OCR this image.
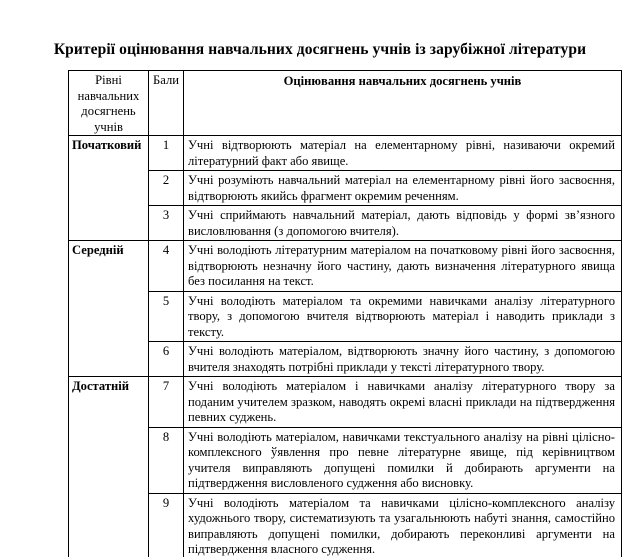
Критерії оцінювання навчальних досягнень учнів із зарубіжної літератури
Рівні навчальних досягнень учнів	Бали	Оцінювання навчальних досягнень учнів
Початковий	1	Учні відтворюють матеріал на елементарному рівні, називаючи окремий літературний факт або явище.
	2	Учні розуміють навчальний матеріал на елементарному рівні його засвоєння, відтворюють якийсь фрагмент окремим реченням.
	3	Учні сприймають навчальний матеріал, дають відповідь у формі зв’язного висловлювання (з допомогою вчителя).
Середній	4	Учні володіють літературним матеріалом на початковому рівні його засвоєння, відтворюють незначну його частину, дають визначення літературного явища без посилання на текст.
	5	Учні володіють матеріалом та окремими навичками аналізу літературного твору, з допомогою вчителя відтворюють матеріал і наводить приклади з тексту.
	6	Учні володіють матеріалом, відтворюють значну його частину, з допомогою вчителя знаходять потрібні приклади у тексті літературного твору.
Достатній	7	Учні володіють матеріалом і навичками аналізу літературного твору за поданим учителем зразком, наводять окремі власні приклади на підтвердження певних суджень.
	8	Учні володіють матеріалом, навичками текстуального аналізу на рівні цілісно-комплексного ўявлення про певне літературне явище, під керівництвом учителя виправляють допущені помилки й добирають аргументи на підтвердження висловленого судження або висновку.
	9	Учні володіють матеріалом та навичками цілісно-комплексного аналізу художнього твору, систематизують та узагальнюють набуті знання, самостійно виправляють допущені помилки, добирають переконливі аргументи на підтвердження власного судження.
